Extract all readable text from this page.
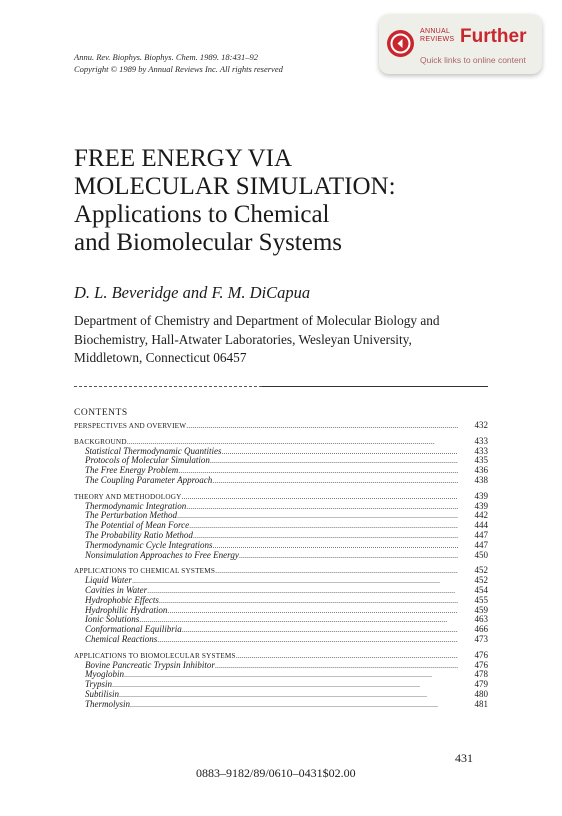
Annu. Rev. Biophys. Biophys. Chem. 1989. 18:431–92
Copyright © 1989 by Annual Reviews Inc. All rights reserved
ANNUAL
REVIEWS Further
Quick links to online content
FREE ENERGY VIA
MOLECULAR SIMULATION:
Applications to Chemical
and Biomolecular Systems
D. L. Beveridge and F. M. DiCapua
Department of Chemistry and Department of Molecular Biology and
Biochemistry, Hall-Atwater Laboratories, Wesleyan University,
Middletown, Connecticut 06457
CONTENTS
PERSPECTIVES AND OVERVIEW . . .	432
BACKGROUND . . .	433
Statistical Thermodynamic Quantities . . .	433
Protocols of Molecular Simulation . . .	435
The Free Energy Problem . . .	436
The Coupling Parameter Approach . . .	438
THEORY AND METHODOLOGY . . .	439
Thermodynamic Integration . . .	439
The Perturbation Method . . .	442
The Potential of Mean Force . . .	444
The Probability Ratio Method . . .	447
Thermodynamic Cycle Integrations . . .	447
Nonsimulation Approaches to Free Energy . . .	450
APPLICATIONS TO CHEMICAL SYSTEMS . . .	452
Liquid Water . . .	452
Cavities in Water . . .	454
Hydrophobic Effects . . .	455
Hydrophilic Hydration . . .	459
Ionic Solutions . . .	463
Conformational Equilibria . . .	466
Chemical Reactions . . .	473
APPLICATIONS TO BIOMOLECULAR SYSTEMS . . .	476
Bovine Pancreatic Trypsin Inhibitor . . .	476
Myoglobin . . .	478
Trypsin . . .	479
Subtilisin . . .	480
Thermolysin . . .	481
431
0883–9182/89/0610–0431$02.00
